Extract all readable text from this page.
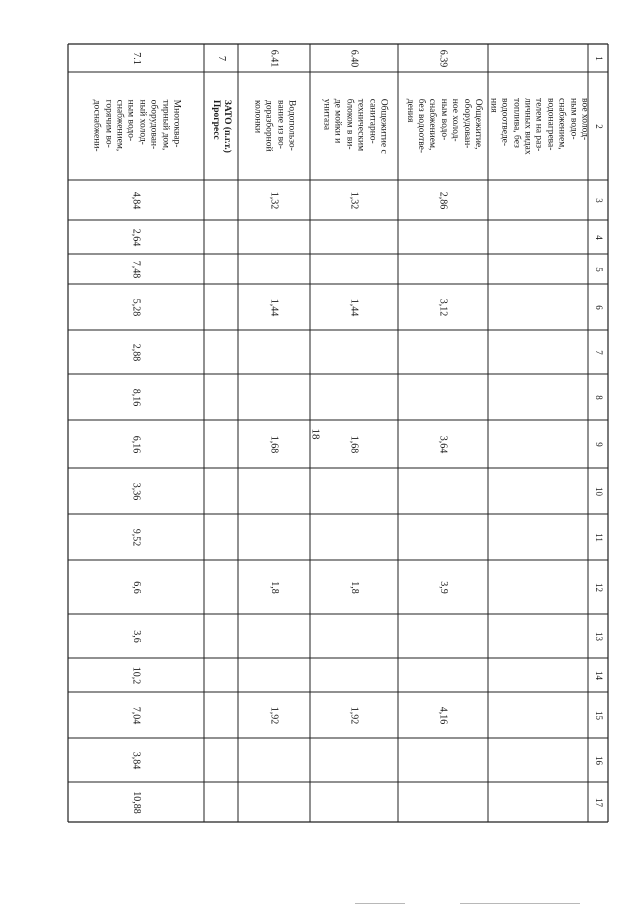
18
1
2
3
4
5
6
7
8
9
10
11
12
13
14
15
16
17
вое холод-
ным водо-
снабжением,
водонагрева-
телем на раз-
личных видах
топлива, без
водоотведе-
ния
6.39
Общежитие,
оборудован-
ное холод-
ным водо-
снабжением,
без водоотве-
дения
2,86
3,12
3,64
3,9
4,16
6.40
Общежитие с
санитарно-
техническим
блоком в ви-
де мойки и
унитаза
1,32
1,44
1,68
1,8
1,92
6.41
Водопользо-
вание из во-
доразборной
колонки
1,32
1,44
1,68
1,8
1,92
7
ЗАТО (п.г.т.)
Прогресс
7.1
Многоквар-
тирный дом,
оборудован-
ный холод-
ным водо-
снабжением,
горячим во-
доснабжени-
4,84
2,64
7,48
5,28
2,88
8,16
6,16
3,36
9,52
6,6
3,6
10,2
7,04
3,84
10,88
